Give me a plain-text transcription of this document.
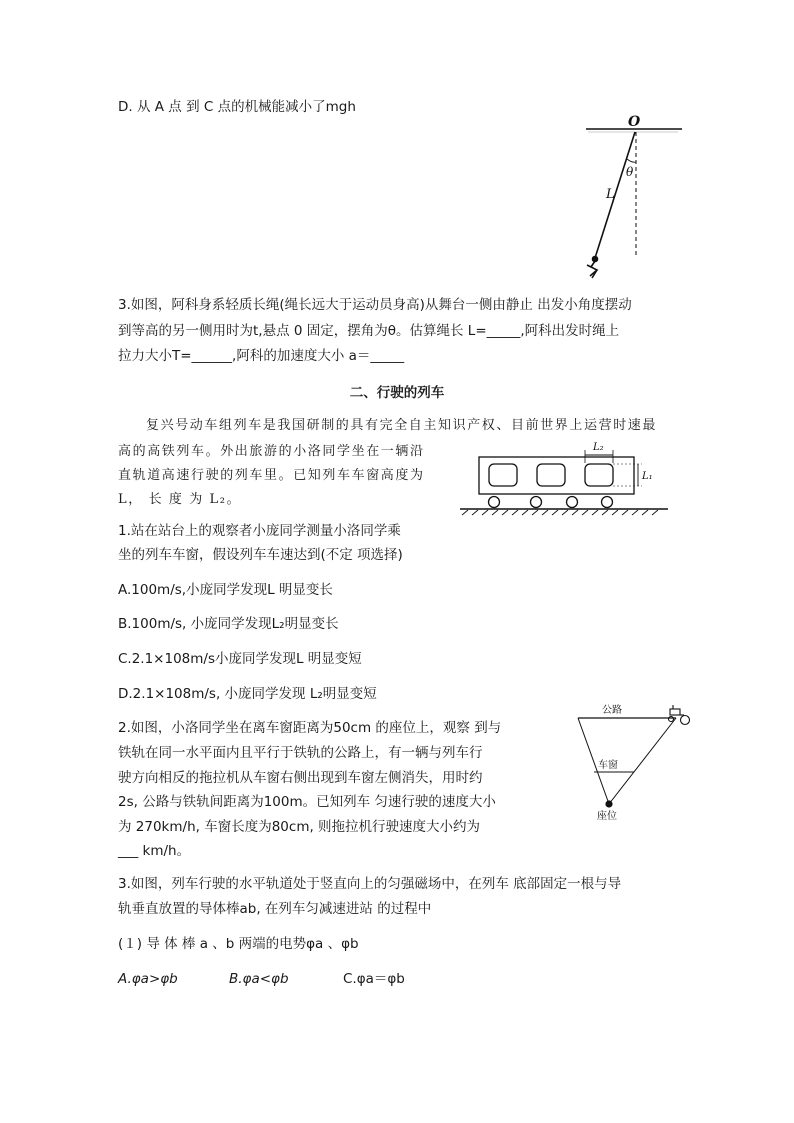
D. 从 A 点 到 C 点的机械能减小了mgh
O
θ
L
3.如图，阿科身系轻质长绳(绳长远大于运动员身高)从舞台一侧由静止 出发小角度摆动
到等高的另一侧用时为t,悬点 0 固定，摆角为θ。估算绳长 L=_____,阿科出发时绳上
拉力大小T=______,阿科的加速度大小 a＝_____
二、行驶的列车
复兴号动车组列车是我国研制的具有完全自主知识产权、目前世界上运营时速最
高的高铁列车。外出旅游的小洛同学坐在一辆沿
直轨道高速行驶的列车里。已知列车车窗高度为
L， 长 度 为 L₂。
L₂
L₁
1.站在站台上的观察者小庞同学测量小洛同学乘
坐的列车车窗，假设列车车速达到(不定 项选择)
A.100m/s,小庞同学发现L 明显变长
B.100m/s, 小庞同学发现L₂明显变长
C.2.1×108m/s小庞同学发现L 明显变短
D.2.1×108m/s, 小庞同学发现 L₂明显变短
2.如图，小洛同学坐在离车窗距离为50cm 的座位上，观察 到与
铁轨在同一水平面内且平行于铁轨的公路上，有一辆与列车行
驶方向相反的拖拉机从车窗右侧出现到车窗左侧消失，用时约
2s, 公路与铁轨间距离为100m。已知列车 匀速行驶的速度大小
为 270km/h, 车窗长度为80cm, 则拖拉机行驶速度大小约为
___ km/h。
公路
车窗
座位
3.如图，列车行驶的水平轨道处于竖直向上的匀强磁场中，在列车 底部固定一根与导
轨垂直放置的导体棒ab, 在列车匀减速进站 的过程中
(１) 导 体 棒 a 、b 两端的电势φa 、φb
A.φa>φb	B.φa<φb	C.φa＝φb
